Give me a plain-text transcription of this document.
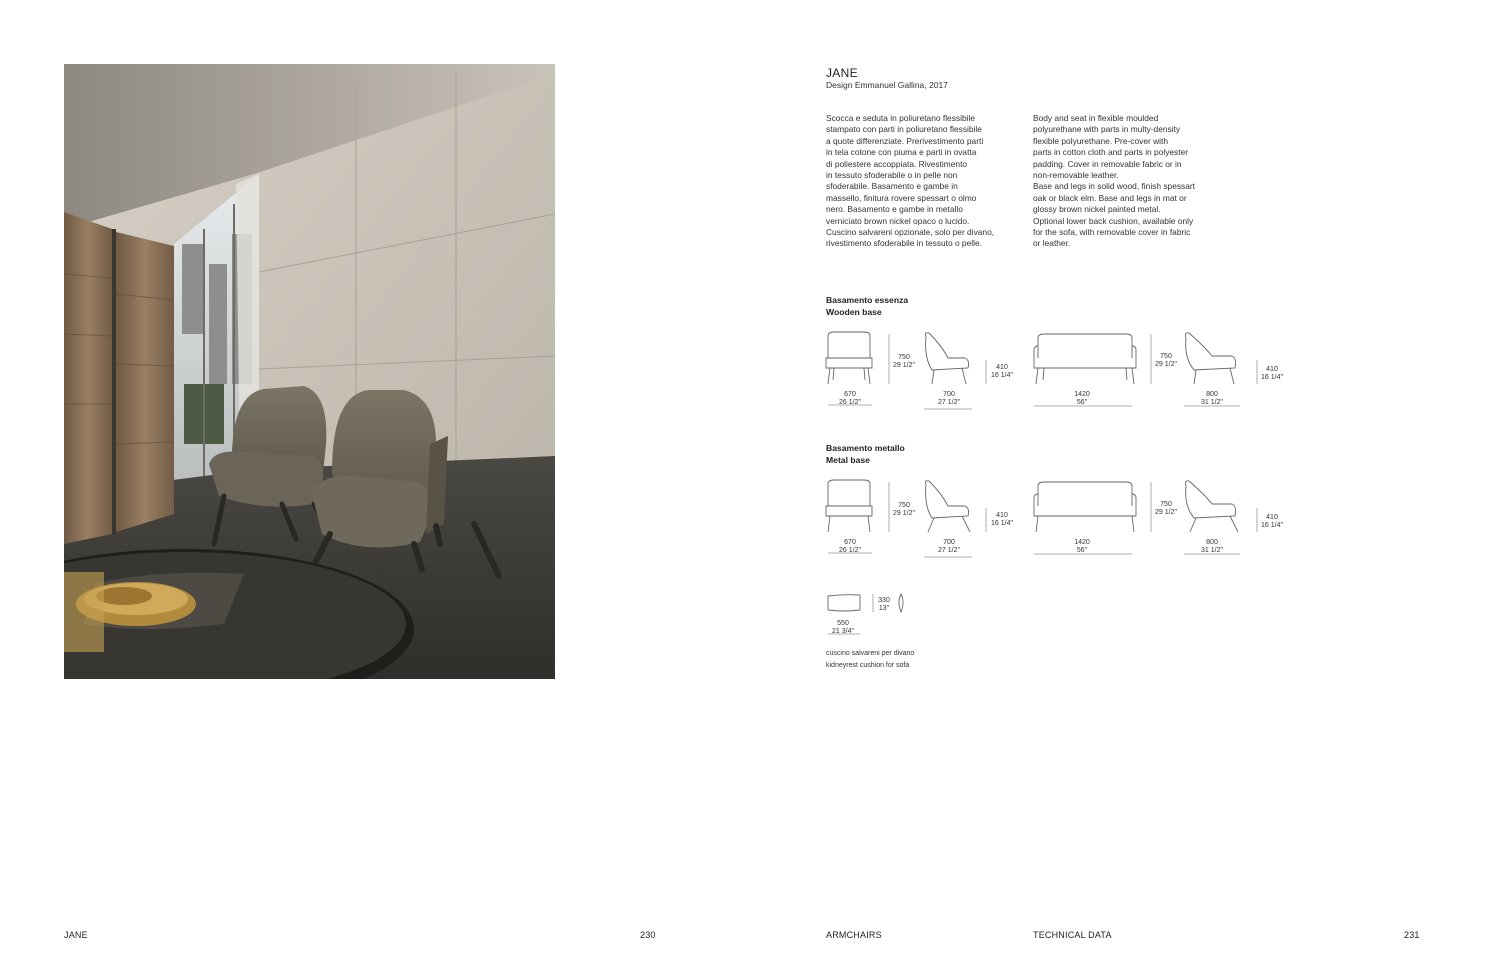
JANE
Design Emmanuel Gallina, 2017
Scocca e seduta in poliuretano flessibile
stampato con parti in poliuretano flessibile
a quote differenziate. Prerivestimento parti
in tela cotone con piuma e parti in ovatta
di poliestere accoppiata. Rivestimento
in tessuto sfoderabile o in pelle non
sfoderabile. Basamento e gambe in
massello, finitura rovere spessart o olmo
nero. Basamento e gambe in metallo
verniciato brown nickel opaco o lucido.
Cuscino salvareni opzionale, solo per divano,
rivestimento sfoderabile in tessuto o pelle.
Body and seat in flexible moulded
polyurethane with parts in multy-density
flexible polyurethane. Pre-cover with
parts in cotton cloth and parts in polyester
padding. Cover in removable fabric or in
non-removable leather.
Base and legs in solid wood, finish spessart
oak or black elm. Base and legs in mat or
glossy brown nickel painted metal.
Optional lower back cushion, available only
for the sofa, with removable cover in fabric
or leather.
Basamento essenza
Wooden base
670
26 1/2"
750
29 1/2"
700
27 1/2"
410
16 1/4"
1420
56"
750
29 1/2"
800
31 1/2"
410
16 1/4"
Basamento metallo
Metal base
670
26 1/2"
750
29 1/2"
700
27 1/2"
410
16 1/4"
1420
56"
750
29 1/2"
800
31 1/2"
410
16 1/4"
330
13"
550
21 3/4"
cuscino salvareni per divano
kidneyrest cushion for sofa
JANE	230	ARMCHAIRS	TECHNICAL DATA	231
